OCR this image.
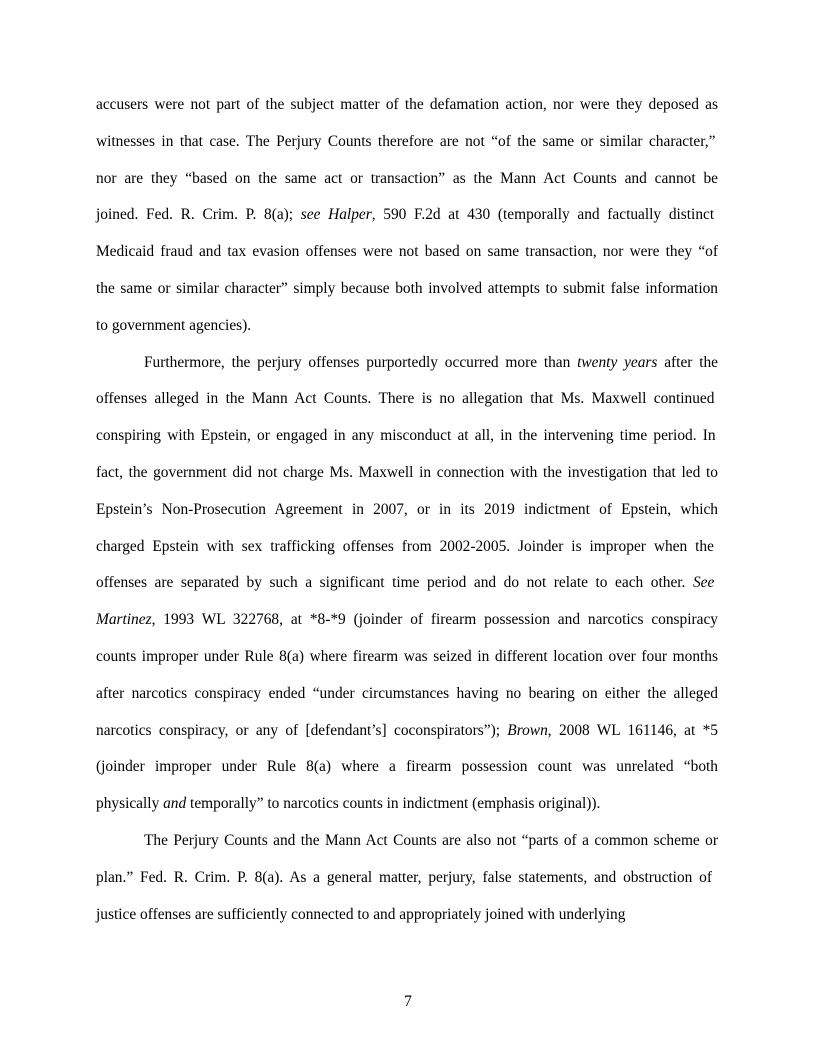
accusers were not part of the subject matter of the defamation action, nor were they deposed as
witnesses in that case. The Perjury Counts therefore are not “of the same or similar character,”
nor are they “based on the same act or transaction” as the Mann Act Counts and cannot be
joined. Fed. R. Crim. P. 8(a); see Halper, 590 F.2d at 430 (temporally and factually distinct
Medicaid fraud and tax evasion offenses were not based on same transaction, nor were they “of
the same or similar character” simply because both involved attempts to submit false information
to government agencies).
Furthermore, the perjury offenses purportedly occurred more than twenty years after the
offenses alleged in the Mann Act Counts. There is no allegation that Ms. Maxwell continued
conspiring with Epstein, or engaged in any misconduct at all, in the intervening time period. In
fact, the government did not charge Ms. Maxwell in connection with the investigation that led to
Epstein’s Non-Prosecution Agreement in 2007, or in its 2019 indictment of Epstein, which
charged Epstein with sex trafficking offenses from 2002-2005. Joinder is improper when the
offenses are separated by such a significant time period and do not relate to each other. See
Martinez, 1993 WL 322768, at *8-*9 (joinder of firearm possession and narcotics conspiracy
counts improper under Rule 8(a) where firearm was seized in different location over four months
after narcotics conspiracy ended “under circumstances having no bearing on either the alleged
narcotics conspiracy, or any of [defendant’s] coconspirators”); Brown, 2008 WL 161146, at *5
(joinder improper under Rule 8(a) where a firearm possession count was unrelated “both
physically and temporally” to narcotics counts in indictment (emphasis original)).
The Perjury Counts and the Mann Act Counts are also not “parts of a common scheme or
plan.” Fed. R. Crim. P. 8(a). As a general matter, perjury, false statements, and obstruction of
justice offenses are sufficiently connected to and appropriately joined with underlying
7
